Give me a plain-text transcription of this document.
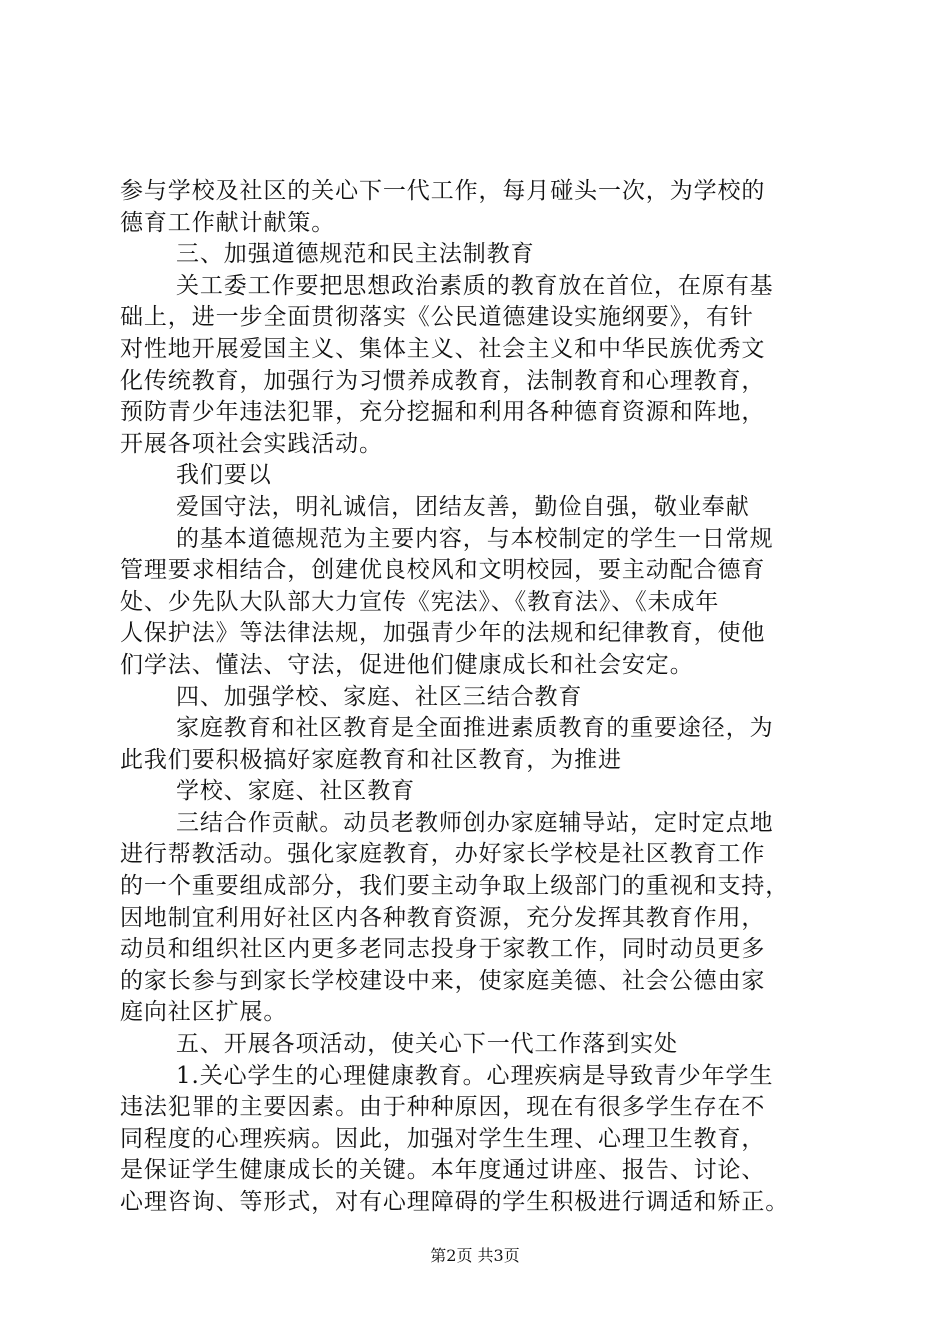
参与学校及社区的关心下一代工作，每月碰头一次，为学校的
德育工作献计献策。
三、加强道德规范和民主法制教育
关工委工作要把思想政治素质的教育放在首位，在原有基
础上，进一步全面贯彻落实《公民道德建设实施纲要》，有针
对性地开展爱国主义、集体主义、社会主义和中华民族优秀文
化传统教育，加强行为习惯养成教育，法制教育和心理教育，
预防青少年违法犯罪，充分挖掘和利用各种德育资源和阵地，
开展各项社会实践活动。
我们要以
爱国守法，明礼诚信，团结友善，勤俭自强，敬业奉献
的基本道德规范为主要内容，与本校制定的学生一日常规
管理要求相结合，创建优良校风和文明校园，要主动配合德育
处、少先队大队部大力宣传《宪法》、《教育法》、《未成年
人保护法》等法律法规，加强青少年的法规和纪律教育，使他
们学法、懂法、守法，促进他们健康成长和社会安定。
四、加强学校、家庭、社区三结合教育
家庭教育和社区教育是全面推进素质教育的重要途径，为
此我们要积极搞好家庭教育和社区教育，为推进
学校、家庭、社区教育
三结合作贡献。动员老教师创办家庭辅导站，定时定点地
进行帮教活动。强化家庭教育，办好家长学校是社区教育工作
的一个重要组成部分，我们要主动争取上级部门的重视和支持，
因地制宜利用好社区内各种教育资源，充分发挥其教育作用，
动员和组织社区内更多老同志投身于家教工作，同时动员更多
的家长参与到家长学校建设中来，使家庭美德、社会公德由家
庭向社区扩展。
五、开展各项活动，使关心下一代工作落到实处
1.关心学生的心理健康教育。心理疾病是导致青少年学生
违法犯罪的主要因素。由于种种原因，现在有很多学生存在不
同程度的心理疾病。因此，加强对学生生理、心理卫生教育，
是保证学生健康成长的关键。本年度通过讲座、报告、讨论、
心理咨询、等形式，对有心理障碍的学生积极进行调适和矫正。
第2页 共3页
